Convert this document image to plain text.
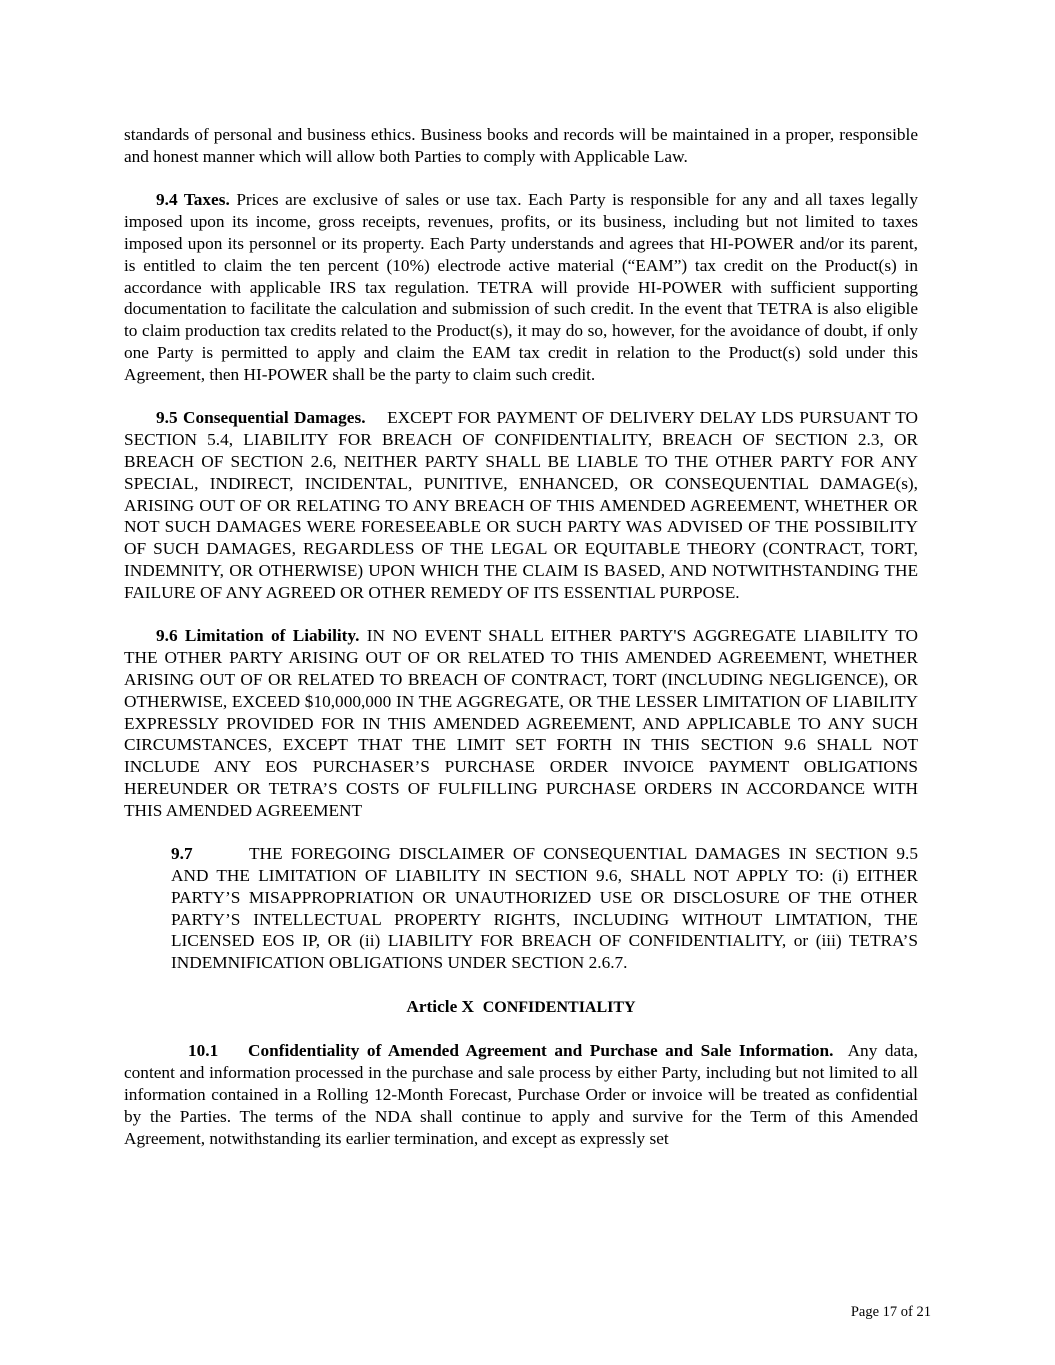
standards of personal and business ethics. Business books and records will be maintained in a proper, responsible and honest manner which will allow both Parties to comply with Applicable Law.

9.4 Taxes. Prices are exclusive of sales or use tax. Each Party is responsible for any and all taxes legally imposed upon its income, gross receipts, revenues, profits, or its business, including but not limited to taxes imposed upon its personnel or its property. Each Party understands and agrees that HI-POWER and/or its parent, is entitled to claim the ten percent (10%) electrode active material (“EAM”) tax credit on the Product(s) in accordance with applicable IRS tax regulation. TETRA will provide HI-POWER with sufficient supporting documentation to facilitate the calculation and submission of such credit. In the event that TETRA is also eligible to claim production tax credits related to the Product(s), it may do so, however, for the avoidance of doubt, if only one Party is permitted to apply and claim the EAM tax credit in relation to the Product(s) sold under this Agreement, then HI-POWER shall be the party to claim such credit.

9.5 Consequential Damages. EXCEPT FOR PAYMENT OF DELIVERY DELAY LDS PURSUANT TO SECTION 5.4, LIABILITY FOR BREACH OF CONFIDENTIALITY, BREACH OF SECTION 2.3, OR BREACH OF SECTION 2.6, NEITHER PARTY SHALL BE LIABLE TO THE OTHER PARTY FOR ANY SPECIAL, INDIRECT, INCIDENTAL, PUNITIVE, ENHANCED, OR CONSEQUENTIAL DAMAGE(s), ARISING OUT OF OR RELATING TO ANY BREACH OF THIS AMENDED AGREEMENT, WHETHER OR NOT SUCH DAMAGES WERE FORESEEABLE OR SUCH PARTY WAS ADVISED OF THE POSSIBILITY OF SUCH DAMAGES, REGARDLESS OF THE LEGAL OR EQUITABLE THEORY (CONTRACT, TORT, INDEMNITY, OR OTHERWISE) UPON WHICH THE CLAIM IS BASED, AND NOTWITHSTANDING THE FAILURE OF ANY AGREED OR OTHER REMEDY OF ITS ESSENTIAL PURPOSE.

9.6 Limitation of Liability. IN NO EVENT SHALL EITHER PARTY'S AGGREGATE LIABILITY TO THE OTHER PARTY ARISING OUT OF OR RELATED TO THIS AMENDED AGREEMENT, WHETHER ARISING OUT OF OR RELATED TO BREACH OF CONTRACT, TORT (INCLUDING NEGLIGENCE), OR OTHERWISE, EXCEED $10,000,000 IN THE AGGREGATE, OR THE LESSER LIMITATION OF LIABILITY EXPRESSLY PROVIDED FOR IN THIS AMENDED AGREEMENT, AND APPLICABLE TO ANY SUCH CIRCUMSTANCES, EXCEPT THAT THE LIMIT SET FORTH IN THIS SECTION 9.6 SHALL NOT INCLUDE ANY EOS PURCHASER’S PURCHASE ORDER INVOICE PAYMENT OBLIGATIONS HEREUNDER OR TETRA’S COSTS OF FULFILLING PURCHASE ORDERS IN ACCORDANCE WITH THIS AMENDED AGREEMENT

9.7	THE FOREGOING DISCLAIMER OF CONSEQUENTIAL DAMAGES IN SECTION 9.5 AND THE LIMITATION OF LIABILITY IN SECTION 9.6, SHALL NOT APPLY TO: (i) EITHER PARTY’S MISAPPROPRIATION OR UNAUTHORIZED USE OR DISCLOSURE OF THE OTHER PARTY’S INTELLECTUAL PROPERTY RIGHTS, INCLUDING WITHOUT LIMTATION, THE LICENSED EOS IP, OR (ii) LIABILITY FOR BREACH OF CONFIDENTIALITY, or (iii) TETRA’S INDEMNIFICATION OBLIGATIONS UNDER SECTION 2.6.7.

Article X CONFIDENTIALITY

10.1 Confidentiality of Amended Agreement and Purchase and Sale Information. Any data, content and information processed in the purchase and sale process by either Party, including but not limited to all information contained in a Rolling 12-Month Forecast, Purchase Order or invoice will be treated as confidential by the Parties. The terms of the NDA shall continue to apply and survive for the Term of this Amended Agreement, notwithstanding its earlier termination, and except as expressly set

Page 17 of 21
